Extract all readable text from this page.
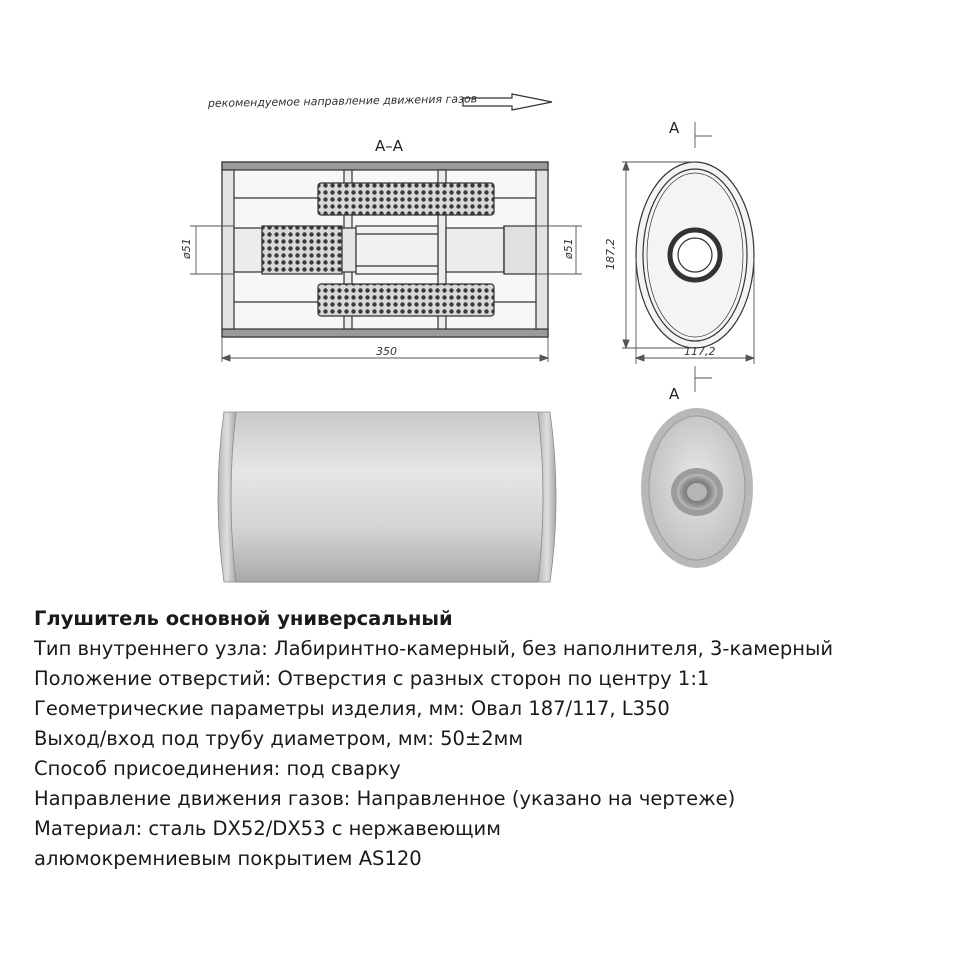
рекомендуемое направление движения газов
А–А
350
ø51	ø51	187,2
117,2
А
А
Глушитель основной универсальный
Тип внутреннего узла: Лабиринтно-камерный, без наполнителя, 3-камерный
Положение отверстий: Отверстия с разных сторон по центру 1:1
Геометрические параметры изделия, мм: Овал 187/117, L350
Выход/вход под трубу диаметром, мм: 50±2мм
Способ присоединения: под сварку
Направление движения газов: Направленное (указано на чертеже)
Материал: сталь DX52/DX53 с нержавеющим
алюмокремниевым покрытием AS120
